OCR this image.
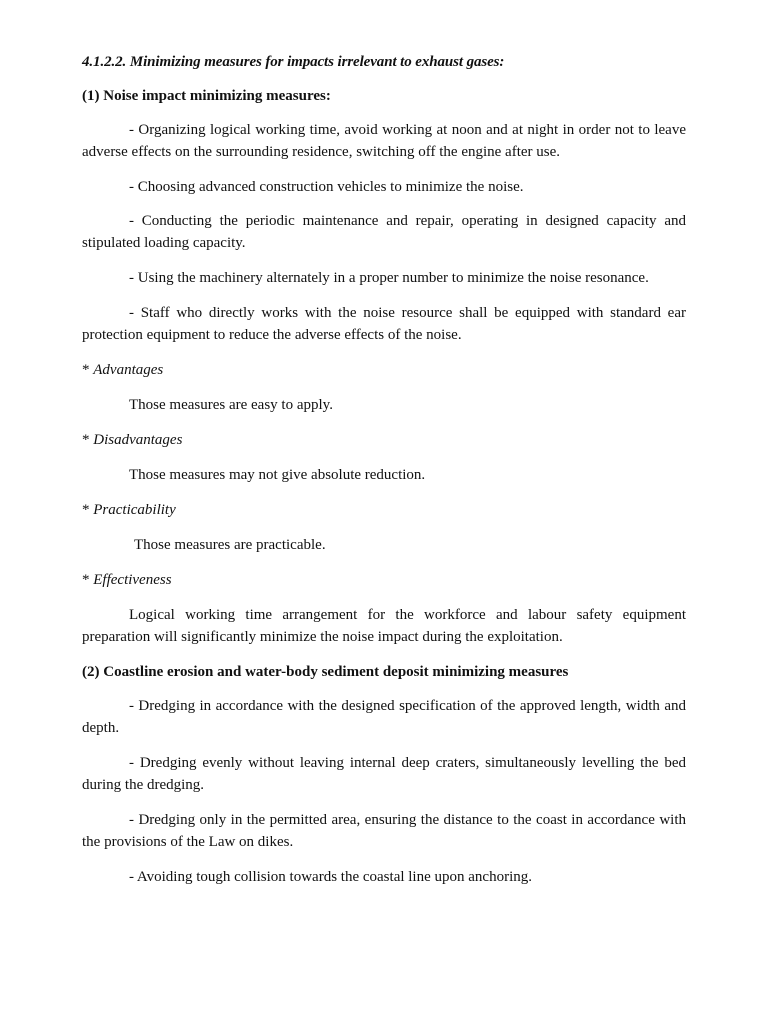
4.1.2.2. Minimizing measures for impacts irrelevant to exhaust gases:

(1) Noise impact minimizing measures:

- Organizing logical working time, avoid working at noon and at night in order not to leave adverse effects on the surrounding residence, switching off the engine after use.

- Choosing advanced construction vehicles to minimize the noise.

- Conducting the periodic maintenance and repair, operating in designed capacity and stipulated loading capacity.

- Using the machinery alternately in a proper number to minimize the noise resonance.

- Staff who directly works with the noise resource shall be equipped with standard ear protection equipment to reduce the adverse effects of the noise.

* Advantages

Those measures are easy to apply.

* Disadvantages

Those measures may not give absolute reduction.

* Practicability

Those measures are practicable.

* Effectiveness

Logical working time arrangement for the workforce and labour safety equipment preparation will significantly minimize the noise impact during the exploitation.

(2) Coastline erosion and water-body sediment deposit minimizing measures

- Dredging in accordance with the designed specification of the approved length, width and depth.

- Dredging evenly without leaving internal deep craters, simultaneously levelling the bed during the dredging.

- Dredging only in the permitted area, ensuring the distance to the coast in accordance with the provisions of the Law on dikes.

- Avoiding tough collision towards the coastal line upon anchoring.
